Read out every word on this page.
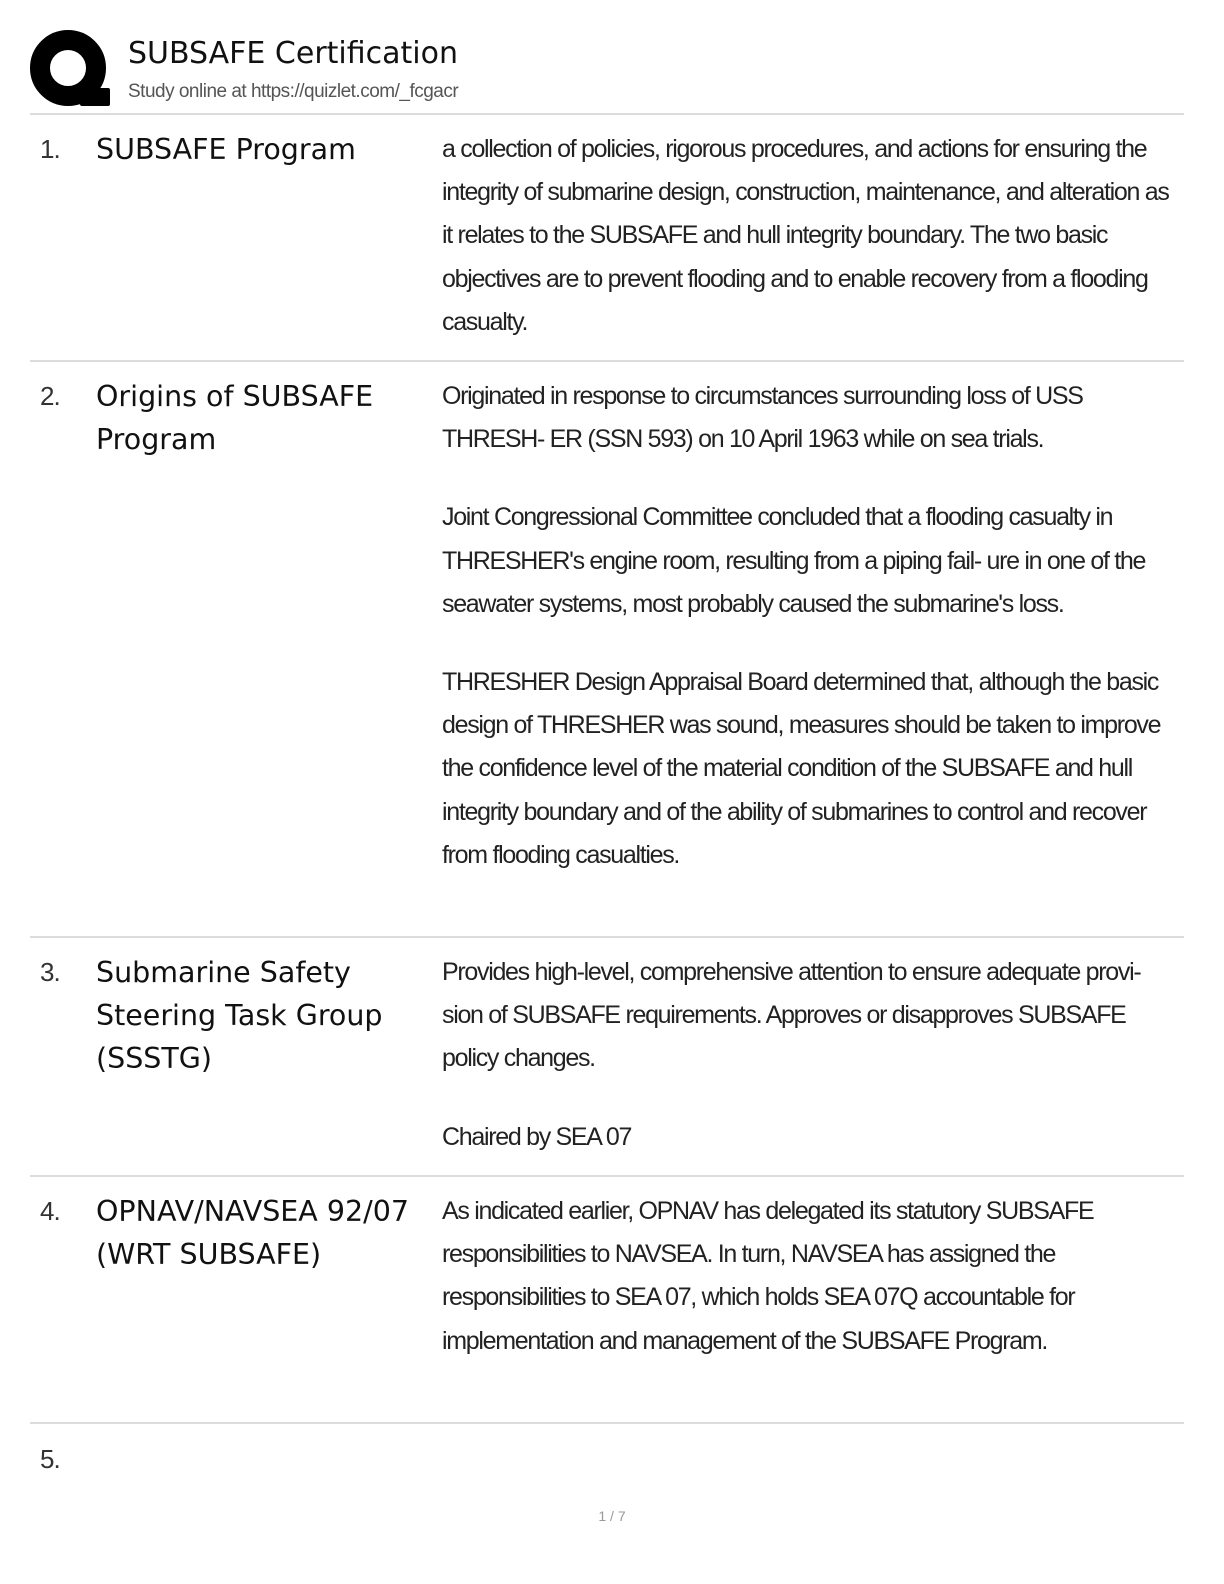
SUBSAFE Certification
Study online at https://quizlet.com/_fcgacr
1. SUBSAFE Program	a collection of policies, rigorous procedures, and actions for ensuring the integrity of submarine design, construction, maintenance, and alteration as it relates to the SUBSAFE and hull integrity boundary. The two basic objectives are to prevent flooding and to enable recovery from a flooding casualty.

2. Origins of SUBSAFE Program

Originated in response to circumstances surrounding loss of USS THRESH- ER (SSN 593) on 10 April 1963 while on sea trials.

Joint Congressional Committee concluded that a flooding casualty in THRESHER's engine room, resulting from a piping fail- ure in one of the seawater systems, most probably caused the submarine's loss.

THRESHER Design Appraisal Board determined that, although the basic design of THRESHER was sound, measures should be taken to improve the confidence level of the material condition of the SUBSAFE and hull integrity boundary and of the ability of submarines to control and recover from flooding casualties.

3. Submarine Safety Steering Task Group (SSSTG)

Provides high-level, comprehensive attention to ensure adequate provi- sion of SUBSAFE requirements. Approves or disapproves SUBSAFE policy changes.

Chaired by SEA 07

4. OPNAV/NAVSEA 92/07 (WRT SUBSAFE)

As indicated earlier, OPNAV has delegated its statutory SUBSAFE responsibilities to NAVSEA. In turn, NAVSEA has assigned the responsibilities to SEA 07, which holds SEA 07Q accountable for implementation and management of the SUBSAFE Program.

5.
1 / 7
